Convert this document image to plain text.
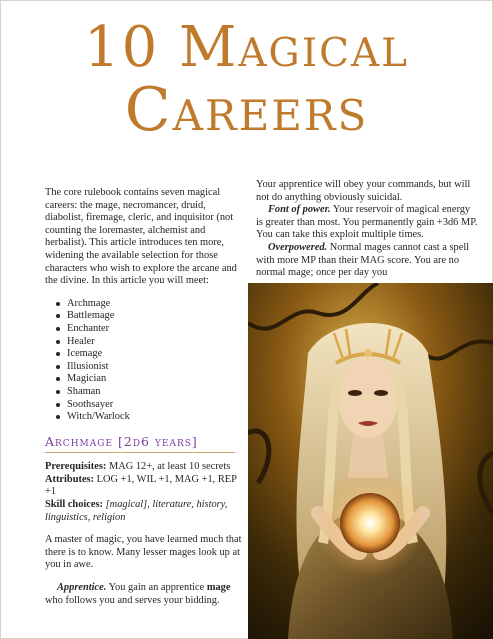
10 Magical
Careers

The core rulebook contains seven magical careers: the mage, necromancer, druid, diabolist, firemage, cleric, and inquisitor (not counting the loremaster, alchemist and herbalist). This article introduces ten more, widening the available selection for those characters who wish to explore the arcane and the divine. In this article you will meet:

Archmage
Battlemage
Enchanter
Healer
Icemage
Illusionist
Magician
Shaman
Soothsayer
Witch/Warlock
Archmage [2d6 years]

Prerequisites: MAG 12+, at least 10 secrets

Attributes: LOG +1, WIL +1, MAG +1, REP +1

Skill choices: [magical], literature, history, linguistics, religion

A master of magic, you have learned much that there is to know. Many lesser mages look up at you in awe.

Apprentice. You gain an apprentice mage who follows you and serves your bidding.

Your apprentice will obey your commands, but will not do anything obviously suicidal.

Font of power. Your reservoir of magical energy is greater than most. You permanently gain +3d6 MP. You can take this exploit multiple times.

Overpowered. Normal mages cannot cast a spell with more MP than their MAG score. You are no normal mage; once per day you
